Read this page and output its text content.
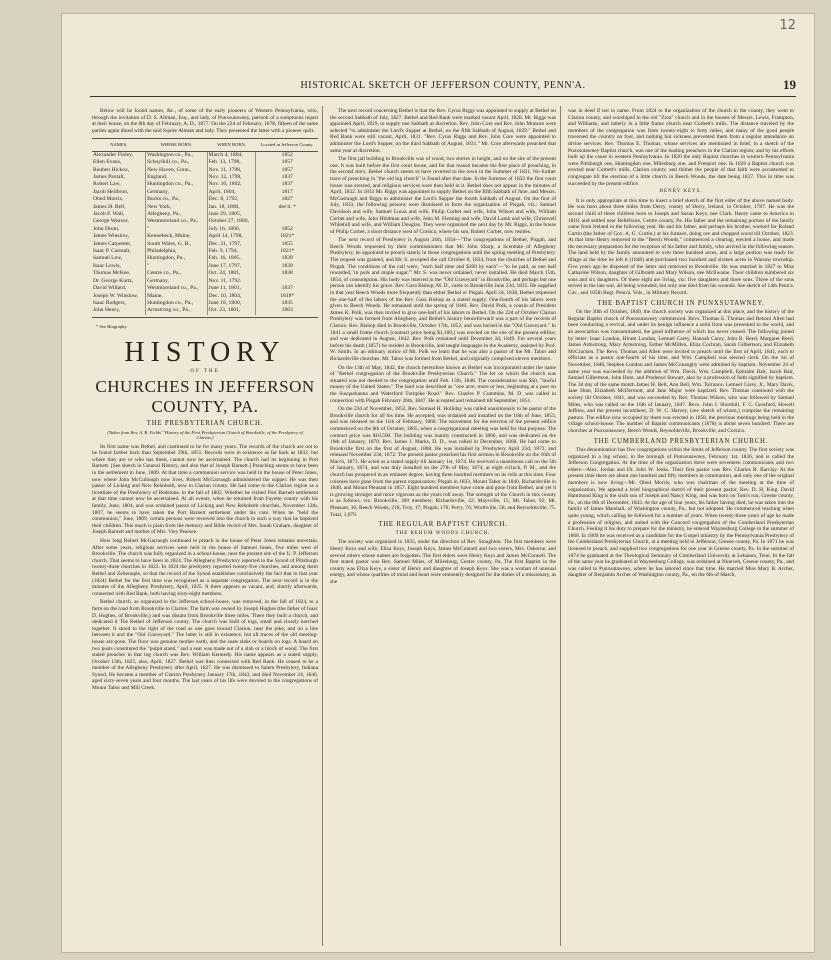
12
HISTORICAL SKETCH OF JEFFERSON COUNTY, PENN'A.	19

Below will be found names, &c., of some of the early pioneers of Western Pennsylvania, who, through the invitation of D. S. Altman, Esq., and lady, of Punxsutawney, partook of a sumptuous repast at their house, on the 8th day of February, A. D., 1877. On the 22d of February, 1878, fifteen of the same parties again dined with the said Squire Altman and lady. They presented the latter with a pioneer quilt.

NAMES.	WHERE BORN.	WHEN BORN.	Located in Jefferson County.
Alexander Finley,	Washington co., Pa.,	March 4, 1804,	1852
Ellen Evans,	Schuylkill co., Pa.,	Feb. 13, 1798,	1857
Reuben Hickox,	New Haven, Conn.,	Nov. 11, 1798,	1857
James Paxtall,	England,	Nov. 12, 1798,	1837
Robert Law,	Huntingdon co., Pa.,	Nov. 10, 1802,	1837
Jacob Heilbrun,	Germany,	April, 1804,	1817
Obed Morris,	Bucks co., Pa.,	Dec. 8, 1792,	1827
James H. Bell,	New York,	Jan. 18, 1800,	dec'd. *
Jacob F. Wall,	Allegheny, Pa.,	June 29, 1805,	
George Weaver,	Westmoreland co., Pa.,	October 27, 1800,	
John Drum,	"	July 16, 1806,	1852
James Winslow,	Kennebeck, Maine,	April 14, 1798,	1821*
James Carpenter,	South Wales, G. B.,	Dec. 21, 1797,	1855
Isaac P. Carmalt,	Philadelphia,	Feb. 9, 1794,	1821*
Samuel Lew,	Huntingdon, Pa.,	Feb. 16, 1805,	1839
Isaac Lewis,	"	June 17, 1797,	1839
Thomas McKee,	Centre co., Pa.,	Oct. 24, 1801,	1838
Dr. George Kurtz,	Germany,	Nov. 11, 1792.	
David Willard,	Westmoreland co., Pa.,	June 11, 1801,	1837
Joseph W. Winslow,	Maine,	Dec. 10, 1804,	1818*
Isaac Rodgers,	Huntingdon co., Pa.,	June 18, 1800,	1835
John Henry,	Armstrong co., Pa.,	Oct. 23, 1801,	1863
* See Biography.
HISTORY
OF THE
CHURCHES IN JEFFERSON COUNTY, PA.
THE PRESBYTERIAN CHURCH.
[Taken from Rev. A. B. Fields' "History of the First Presbyterian Church of Brookville, of the Presbytery of Clarion.]

Its first name was Bethel, and continued to be for many years. The records of the church are not to be found farther back than September 29th, 1851. Records were in existence as far back as 1832, but where they are or who has them, cannot now be ascertained. The church had its beginning in Port Barnett. [See sketch in General History, and also that of Joseph Barnett.] Preaching seems to have been in the settlement in June, 1809. At that time a communion service was held in the house of Peter Jones, now where John McCullough now lives. Robert McGarraugh administered the supper. He was then pastor of Licking and New Rehoboth, now in Clarion county. He had come to the Clarion region as a licentiate of the Presbytery of Redstone, in the fall of 1802. Whether he visited Port Barnett settlement at that time cannot now be ascertained. At all events, when he returned from Fayette county with his family, June, 1804, and was ordained pastor of Licking and New Rehoboth churches, November 12th, 1807, he seems to have taken the Port Barnett settlement under his care. When he "held the communion," June, 1809, certain persons were received into the church in such a way that he baptized their children. This much is plain from the memory and Bible record of Mrs. Sarah Graham, daughter of Joseph Barnett and mother of Mrs. Viey Pearsee.

How long Robert McGarraugh continued to preach in the house of Peter Jones remains uncertain. After some years, religious services were held in the house of Samuel Jones, five miles west of Brookville. The church was fully organized in a school-house, near the present site of the U. P. Jefferson church. That seems to have been in 1824. The Allegheny Presbytery reported to the Synod of Pittsburgh twenty-three churches in 1823. In 1824 the presbytery reported twenty-five churches, and among them Bethel and Zelienople, so that the record of the Synod establishes conclusively the fact that in that year (1824) Bethel for the first time was recognized as a separate congregation. The next record is in the minutes of the Allegheny Presbytery, April, 1825. It there appears as vacant, and, shortly afterwards, connected with Red Bank, both having sixty-eight members.

Bethel church, as organized in the Jefferson school-house, was removed, in the fall of 1824, to a farm on the road from Brookville to Clarion. The farm was owned by Joseph Hughes (the father of Isaac D. Hughes, of Brookville,) and was distant from Brookville three miles. There they built a church, and dedicated it The Bethel of Jefferson county. The church was built of logs, small and closely notched together. It stood to the right of the road as one goes toward Clarion, near the pike, and on a line between it and the "Old Graveyard." The latter is still in existence, but all traces of the old meeting-house are gone. The floor was genuine mother earth, and the seats slabs or boards on logs. A board on two posts constituted the "pulpit stand," and a seat was made out of a slab or a block of wood. The first stated preacher in that log church was Rev. William Kennedy. His name appears as a stated supply, October 13th, 1825; also, April, 1827. Bethel was then connected with Red Bank. He ceased to be a member of the Allegheny Presbytery after April, 1827. He was dismissed to Salem Presbytery, Indiana Synod. He became a member of Clarion Presbytery January 17th, 1843, and died November 24, 1846, aged sixty-seven years and four months. The last years of his life were devoted to the congregations of Mount Tabor and Mill Creek.

The next record concerning Bethel is that the Rev. Cyrus Riggs was appointed to supply at Bethel on the second Sabbath of July, 1827. Bethel and Red Bank were marked vacant April, 1828. Mr. Riggs was appointed April, 1829, to supply one Sabbath at discretion. Rev. John Core and Rev. John Munson were selected "to administer the Lord's Supper at Bethel, on the fifth Sabbath of August, 1829." Bethel and Red Bank were still vacant, April, 1831. "Rev. Cyrus Riggs and Rev. John Core were appointed to administer the Lord's Supper, on the third Sabbath of August, 1831." Mr. Core afterwards preached that same year at discretion.

The first jail building in Brookville was of wood, two stories in height, and on the site of the present one. It was built before the first court house, and for that reason became the first place of preaching, in the second story. Bethel church seems to have reverted to the town in the Summer of 1831. No further trace of preaching in "the old log church" is found after that date. In the Summer of 1832 the first court house was erected, and religious services were then held in it. Bethel does not appear in the minutes of April, 1832. In 1833 Mr. Riggs was appointed to supply Bethel on the fifth Sabbath of June, and Messrs. McGarraugh and Riggs to administer the Lord's Supper the fourth Sabbath of August. On the first of July, 1833, the following persons were dismissed to form the organization of Pisgah, viz.: Samuel Davidson and wife, Samuel Lucas and wife, Philip Corbet and wife, John Wilson and wife, William Corbet and wife, John Hindman and wife, John M. Fleming and wife, David Lamb and wife, Christwell Whitehill and wife, and William Douglas. They were organized the next day by Mr. Riggs, in the house of Philip Corbet, a short distance west of Corsica, where his son, Robert Corbet, now resides.

The next record of Presbytery is August 24th, 1834—"The congregations of Bethel, Pisgah, and Beech Woods requested by their commissioners that Mr. John Sharp, a licentiate of Allegheny Presbytery, be appointed to preach stately in those congregations until the spring meeting of Presbytery. The request was granted, and Mr. S. accepted the call October 8, 1834, from the churches of Bethel and Pisgah. The conditions of the call were, "each half time and $200 by each"—"to be paid, as one half rewarded, 'in pork and maple sugar.'" Mr. S. was never ordained, never installed. He died March 15th, 1854, of consumption. His body was interred in the "Old Graveyard" in Brookville, and perhaps but one person can identify his grave. Rev. Gara Bishop, M. D., came to Brookville June 23d, 1835. He supplied in that year Beech Woods more frequently than either Bethel or Pisgah. April 2d, 1838, Bethel requested the one-half of the labors of the Rev. Gara Bishop as a stated supply. One-fourth of his labors were given to Beech Woods. He remained until the spring of 1840. Rev. David Polk, a cousin of President James K. Polk, was then invited to give one-half of his labors to Bethel. On the 22d of October Clarion Presbytery was formed from Allegheny, and Bethel's history henceforward was a part of the records of Clarion. Rev. Bishop died in Brookville, October 17th, 1852, and was buried in the "Old Graveyard." In 1841 a small frame church (contract price being $1,100,) was erected on the site of the present edifice, and was dedicated in August, 1842. Rev. Polk remained until December 2d, 1849. For several years before his death (1857) he resided in Brookville, and taught languages in the Academy, assisted by Prof. W. Smith. In an obituary notice of Mr. Polk we learn that he was also a pastor of the Mt. Tabor and Richardsville churches. Mt. Tabor was formed from Bethel, and originally comprised eleven members.

On the 13th of May, 1842, the church heretofore known as Bethel was incorporated under the name of "Bethel congregation of the Brookville Presbyterian Church." The lot on which the church was situated was not deeded to the congregation until Feb. 13th, 1848. The consideration was $50, "lawful money of the United States." The land was described as "one acre, more or less, beginning at a post on the Susquehanna and Waterford Turnpike Road." Rev. Charles P. Cummins, M. D. was called in connection with Pisgah February 26th, 1847. He accepted and remained till September, 1851.

On the 23d of November, 1852, Rev. Samuel H. Holliday was called unanimously to be pastor of the Brookville church for all his time. He accepted, was ordained and installed on the 16th of June, 1853, and was released on the 11th of February, 1868. The movement for the erection of the present edifice commenced on the 8th of October, 1865, when a congregational meeting was held for that purpose. The contract price was $10,500. The building was mainly constructed in 1866, and was dedicated on the 16th of January, 1870. Rev. James J. Marks, D. D., was called in December, 1868. He had come to Brookville first on the first of August, 1868. He was installed by Presbytery April 23d, 1872, and released November 23d, 1872. The present pastor preached his first sermon in Brookville on the 16th of March, 1873. He acted as a stated supply till January 1st, 1874. He received a unanimous call on the 5th of January, 1874, and was duly installed on the 27th of May, 1874, at eight o'clock, P. M., and the church has prospered in an eminent degree, having three hundred members on its rolls at this time. Four colonies have gone from the parent organization: Pisgah in 1833, Mount Tabor in 1840, Richardsville in 1848, and Mount Pleasant in 1857. Eight hundred members have come and gone from Bethel, and yet it is growing stronger and more vigorous as the years roll away. The strength of the Church in this county is as follows, viz: Brookville, 300 members; Richardsville, 42; Maysville, 15; Mt. Tabor, 92; Mt. Pleasant, 36; Beech Woods, 218; Troy, 17; Pisgah, 170; Perry, 76; Worthville, 58; and Reynoldsville, 75. Total, 1,079.

THE REGULAR BAPTIST CHURCH.
THE REHUM WOODS CHURCH.

The society was organized in 1835, under the direction of Rev. Stoughton. The first members were Henry Keys and wife, Eliza Keys, Joseph Keys, James McConnell and two sisters, Mrs. Osborne, and several others whose names are forgotten. The first elders were Henry Keys and James McConnell. The first stated pastor was Rev. Samuel Miles, of Mileshurg, Centre county, Pa. The first Baptist in the county was Eliza Keys, a sister of Henry and daughter of Joseph Keys. She was a woman of unusual energy, and whose qualities of mind and heart were eminently designed for the duties of a missionary, as she

was in deed if not in name. From 1824 to the organization of the church in the county, they went to Clarion county, and worshiped in the old "Zion" church and in the houses of Messrs. Lewis, Frampton, and Williams, and latterly in a little frame church near Corbett's mills. The distance traveled by the members of the congregation was from twenty-eight to forty miles, and many of the good people traversed the country on foot, and nothing but sickness prevented them from a regular attendance on divine services. Rev. Thomas E. Thomas, whose services are mentioned in brief, in a sketch of the Punxsutawney Baptist church, was one of the leading preachers in the Clarion region; and by his efforts built up the cause in western Pennsylvania. In 1820 the only Baptist churches in western Pennsylvania were Pittsburgh one, Huntingdon one, Milesburg one, and Freeport one. In 1826 a Baptist church was erected near Corbett's mills, Clarion county, and thither the people of that faith were accustomed to congregate till the erection of a little church in Beech Woods, the date being 1837. This in time was succeeded by the present edifice.

HENRY KEYS.

It is only appropriate at this time to insert a brief sketch of the first elder of the above named body. He was born about three miles from Derry, county of Derry, Ireland, in October, 1787. He was the second child of three children born to Joseph and Susan Keys, nee Clark. Henry came to America in 1818, and settled near Bellefonte, Centre county, Pa. His father and the remaining portion of the family came from Ireland in the following year. He and his father, and perhaps his brother, worked for Roland Curtin (the father of Gov. A. G. Curtin,) at his furnace, doing ore and chopped wood till October, 1823. At that time Henry removed to the "Beech Woods," commenced a clearing, erected a house, and made the necessary preparation for the reception of his father and family, who arrived in the following season. The land held by the family amounted to over three hundred acres, and a large portion was ready for tillage at the time he left it (1848) and purchased two hundred and sixteen acres in Warsaw township. Five years ago he disposed of the latter and removed to Brookville. He was married in 1827 to Miss Catharine Wilson, daughter of Gilbraith and Mary Wilson, nee McIlwaine. Their children numbered six sons and six daughters. Of these eight are living, viz: five daughters and three sons. Three of the sons served in the late war, all being wounded, but only one died from his wounds. See sketch of 14th Penn'a. Cav., and 105th Regt. Penn'a. Vols., in Military Record.

THE BAPTIST CHURCH IN PUNXSUTAWNEY.

On the 30th of October, 1840, the church society was organized at this place, and the history of the Regular Baptist church of Punxsutawney commenced. Revs. Thomas E. Thomas and Benoni Allen had been conducting a revival, and under its benign influence a solid front was presented to the world, and an association was consummated, the good influence of which has never ceased. The following joined by letter: Isaac London, Hiram London, Lemuel Carey, Hannah Carey, John R. Reed, Margaret Reed, James Armstrong, Mary Armstrong, Esther McMillen, Eliza Cochran, Sarah Gilbertson, and Elizabeth McCracken. The Revs. Thomas and Allen were invited to preach until the first of April, 1841, each to officiate as a pastor one-fourth of his time, and Wm. Campbell was elected clerk. On the 1st of November, 1840, Stephen London and James McConaughy were admitted by baptism. November 24 of same year was succeeded by the addition of Wm. Davis, Wm. Campbell, Ephraim Bair, Jacob Bair, Samuel Gilbertson, John Hunt, and Prudence Stewart, also by a profession of faith signified by baptism. The 3d day of the same month James H. Bell, Ann Bell, Wm. Torrance, Lemuel Carey, Jr., Mary Davis, Jane Hunt, Elizabeth McDermott, and Jane Major were baptized. Rev. Thomas continued with the society till October, 1841, and was succeeded by Rev. Thomas Wilson, who was followed by Samuel Miles, who was called on the 16th of January, 1847. Revs. John J. Shorthill, F. C. Gessford, Howell Jeffries, and the present incumbent, D. W. C. Harvey, (see sketch of whom,) comprise the remaining pastors. The edifice now occupied by them was erected in 1858, the previous meetings being held in the village school-house. The number of Baptist communicants (1878) is about seven hundred. There are churches at Punxsutawney, Beech Woods, Reynoldsville, Brookville, and Corsica.

THE CUMBERLAND PRESBYTERIAN CHURCH.

This denomination has five congregations within the limits of Jefferson county. The first society was organized in a log school, in the borough of Punxsutawney, February 1st, 1836, and is called the Jefferson Congregation. At the time of the organization there were seventeen communicants and two elders—Alex. Jordan and Dr. John W. Jenks. Their first pastor was Rev. Charles R. Barclay. At the present time there are about one hundred and fifty members in communion, and only one of the original members is now living—Mr. Obed Morris, who was chairman of the meeting at the time of organization. We append a brief biographical sketch of their present pastor, Rev. D. H. King. David Hammond King is the sixth son of Joseph and Nancy King, and was born on Tom's run, Greene county, Pa., on the 8th of December, 1843. At the age of four years, his father having died, he was taken into the family of James Marshall, of Washington county, Pa., but not adopted. He commenced teaching when quite young, which calling he followed for a number of years. When twenty-three years of age he made a profession of religion, and united with the Concord congregation of the Cumberland Presbyterian Church. Feeling it his duty to prepare for the ministry, he entered Waynesburg College in the summer of 1868. In 1869 he was received as a candidate for the Gospel ministry by the Pennsylvania Presbytery of the Cumberland Presbyterian Church, at a meeting held in Jefferson, Greene county, Pa. In 1871 he was licensed to preach, and supplied two congregations for one year in Greene county, Pa. In the summer of 1874 he graduated at the Theological Seminary of Cumberland University at Lebanon, Tenn. In the fall of the same year he graduated at Waynesburg College, was ordained at Nineveh, Greene county, Pa., and was called to Punxsutawney, where he has labored since that time. He married Miss Mary B. Archer, daughter of Benjamin Archer of Washington county, Pa., on the 6th of March,
